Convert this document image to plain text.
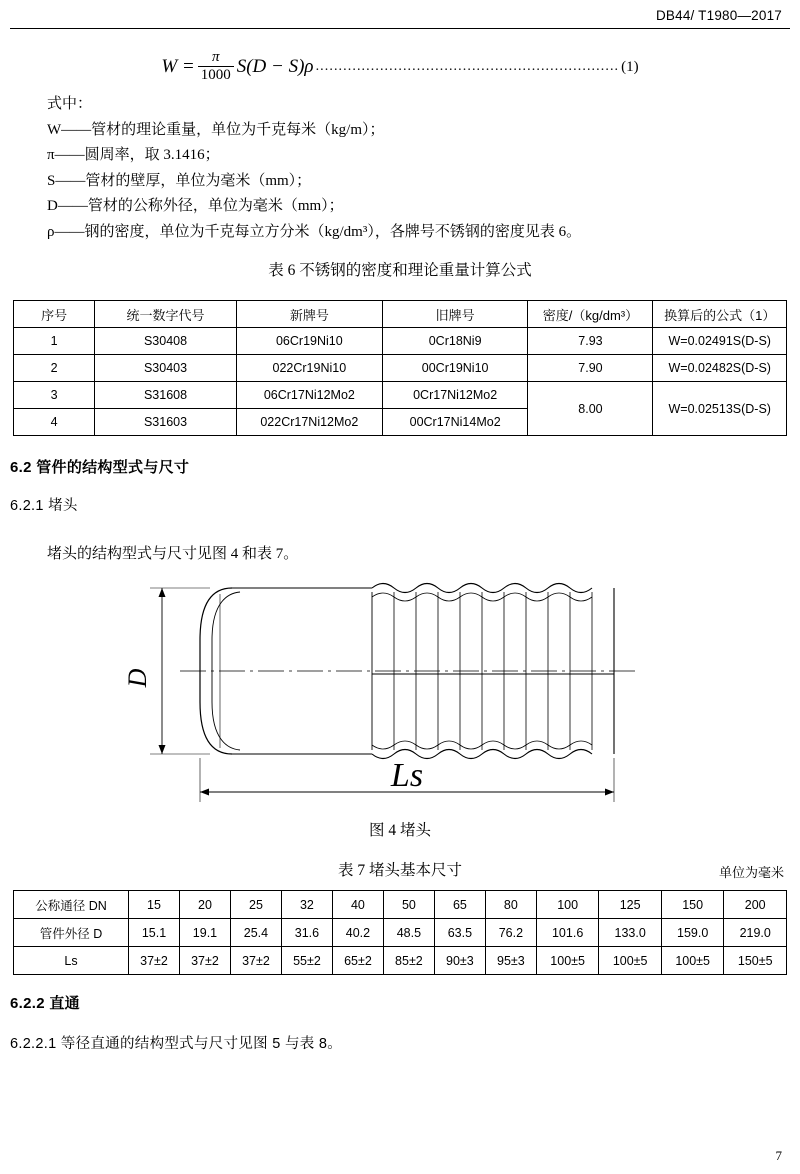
DB44/ T1980—2017
$W = \frac{\pi}{1000} S(D - S)\rho$ .................................................................. (1)
式中：
W——管材的理论重量，单位为千克每米（kg/m）；
π——圆周率，取 3.1416；
S——管材的壁厚，单位为毫米（mm）；
D——管材的公称外径，单位为毫米（mm）；
ρ——钢的密度，单位为千克每立方分米（kg/dm³），各牌号不锈钢的密度见表 6。
表 6 不锈钢的密度和理论重量计算公式
序号	统一数字代号	新牌号	旧牌号	密度/（kg/dm³）	换算后的公式（1）
1	S30408	06Cr19Ni10	0Cr18Ni9	7.93	W=0.02491S(D-S)
2	S30403	022Cr19Ni10	00Cr19Ni10	7.90	W=0.02482S(D-S)
3	S31608	06Cr17Ni12Mo2	0Cr17Ni12Mo2	8.00	W=0.02513S(D-S)
4	S31603	022Cr17Ni12Mo2	00Cr17Ni14Mo2		
6.2 管件的结构型式与尺寸
6.2.1 堵头
堵头的结构型式与尺寸见图 4 和表 7。
D
Ls
图 4 堵头
表 7 堵头基本尺寸	单位为毫米
公称通径 DN	15	20	25	32	40	50	65	80	100	125	150	200
管件外径 D	15.1	19.1	25.4	31.6	40.2	48.5	63.5	76.2	101.6	133.0	159.0	219.0
Ls	37±2	37±2	37±2	55±2	65±2	85±2	90±3	95±3	100±5	100±5	100±5	150±5
6.2.2 直通
6.2.2.1 等径直通的结构型式与尺寸见图 5 与表 8。
7
